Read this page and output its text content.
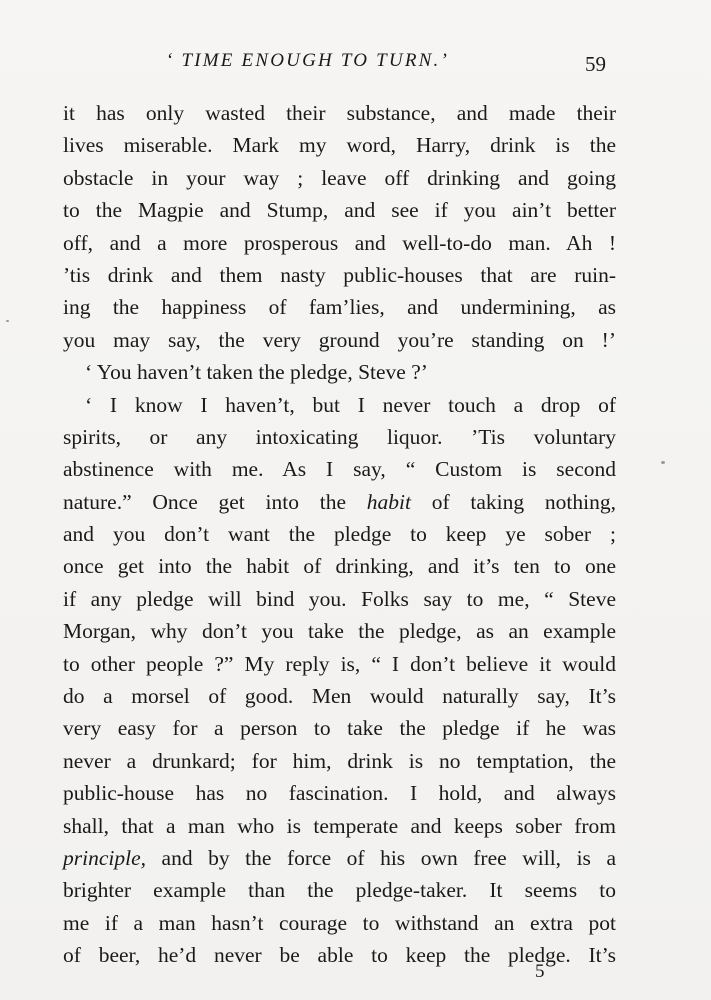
‘ TIME ENOUGH TO TURN.’	59
it has only wasted their substance, and made their
lives miserable. Mark my word, Harry, drink is the
obstacle in your way ; leave off drinking and going
to the Magpie and Stump, and see if you ain’t better
off, and a more prosperous and well-to-do man. Ah !
’tis drink and them nasty public-houses that are ruin-
ing the happiness of fam’lies, and undermining, as
you may say, the very ground you’re standing on !’
‘ You haven’t taken the pledge, Steve ?’
‘ I know I haven’t, but I never touch a drop of
spirits, or any intoxicating liquor. ’Tis voluntary
abstinence with me. As I say, “ Custom is second
nature.” Once get into the habit of taking nothing,
and you don’t want the pledge to keep ye sober ;
once get into the habit of drinking, and it’s ten to one
if any pledge will bind you. Folks say to me, “ Steve
Morgan, why don’t you take the pledge, as an example
to other people ?” My reply is, “ I don’t believe it would
do a morsel of good. Men would naturally say, It’s
very easy for a person to take the pledge if he was
never a drunkard; for him, drink is no temptation, the
public-house has no fascination. I hold, and always
shall, that a man who is temperate and keeps sober from
principle, and by the force of his own free will, is a
brighter example than the pledge-taker. It seems to
me if a man hasn’t courage to withstand an extra pot
of beer, he’d never be able to keep the pledge. It’s
5
